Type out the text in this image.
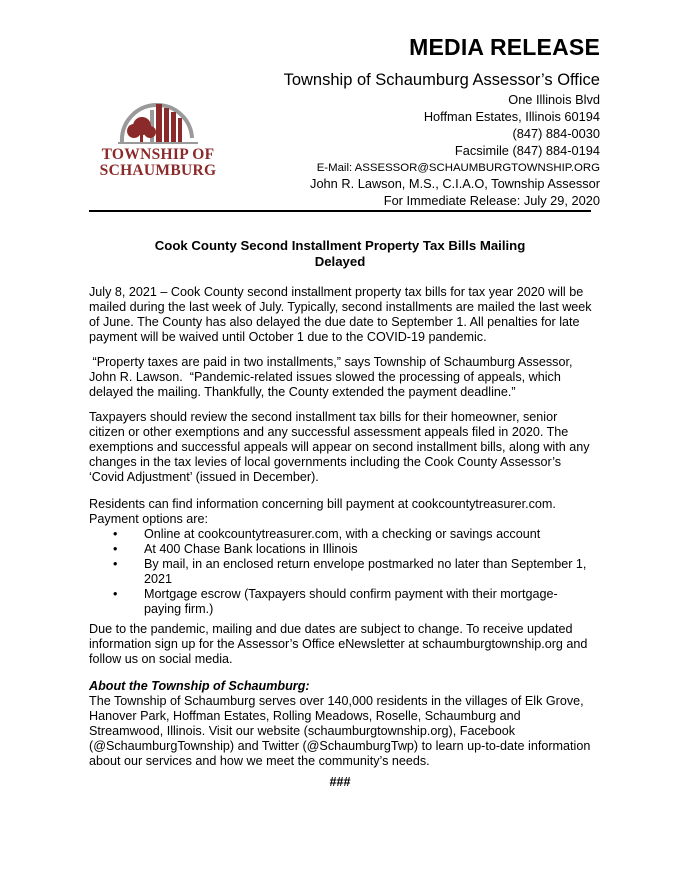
MEDIA RELEASE
Township of Schaumburg Assessor’s Office
One Illinois Blvd
Hoffman Estates, Illinois 60194
(847) 884-0030
Facsimile (847) 884-0194
E-Mail: ASSESSOR@SCHAUMBURGTOWNSHIP.ORG
John R. Lawson, M.S., C.I.A.O, Township Assessor
For Immediate Release: July 29, 2020
TOWNSHIP OF
SCHAUMBURG
Cook County Second Installment Property Tax Bills Mailing
Delayed

July 8, 2021 – Cook County second installment property tax bills for tax year 2020 will be mailed during the last week of July. Typically, second installments are mailed the last week of June. The County has also delayed the due date to September 1. All penalties for late payment will be waived until October 1 due to the COVID-19 pandemic.

“Property taxes are paid in two installments,” says Township of Schaumburg Assessor, John R. Lawson.  “Pandemic-related issues slowed the processing of appeals, which delayed the mailing. Thankfully, the County extended the payment deadline.”

Taxpayers should review the second installment tax bills for their homeowner, senior citizen or other exemptions and any successful assessment appeals filed in 2020. The exemptions and successful appeals will appear on second installment bills, along with any changes in the tax levies of local governments including the Cook County Assessor’s ‘Covid Adjustment’ (issued in December).

Residents can find information concerning bill payment at cookcountytreasurer.com. Payment options are:

•	Online at cookcountytreasurer.com, with a checking or savings account
•	At 400 Chase Bank locations in Illinois
•	By mail, in an enclosed return envelope postmarked no later than September 1, 2021
•	Mortgage escrow (Taxpayers should confirm payment with their mortgage-paying firm.)

Due to the pandemic, mailing and due dates are subject to change. To receive updated information sign up for the Assessor’s Office eNewsletter at schaumburgtownship.org and follow us on social media.

About the Township of Schaumburg:
The Township of Schaumburg serves over 140,000 residents in the villages of Elk Grove, Hanover Park, Hoffman Estates, Rolling Meadows, Roselle, Schaumburg and Streamwood, Illinois. Visit our website (schaumburgtownship.org), Facebook (@SchaumburgTownship) and Twitter (@SchaumburgTwp) to learn up-to-date information about our services and how we meet the community’s needs.
###
